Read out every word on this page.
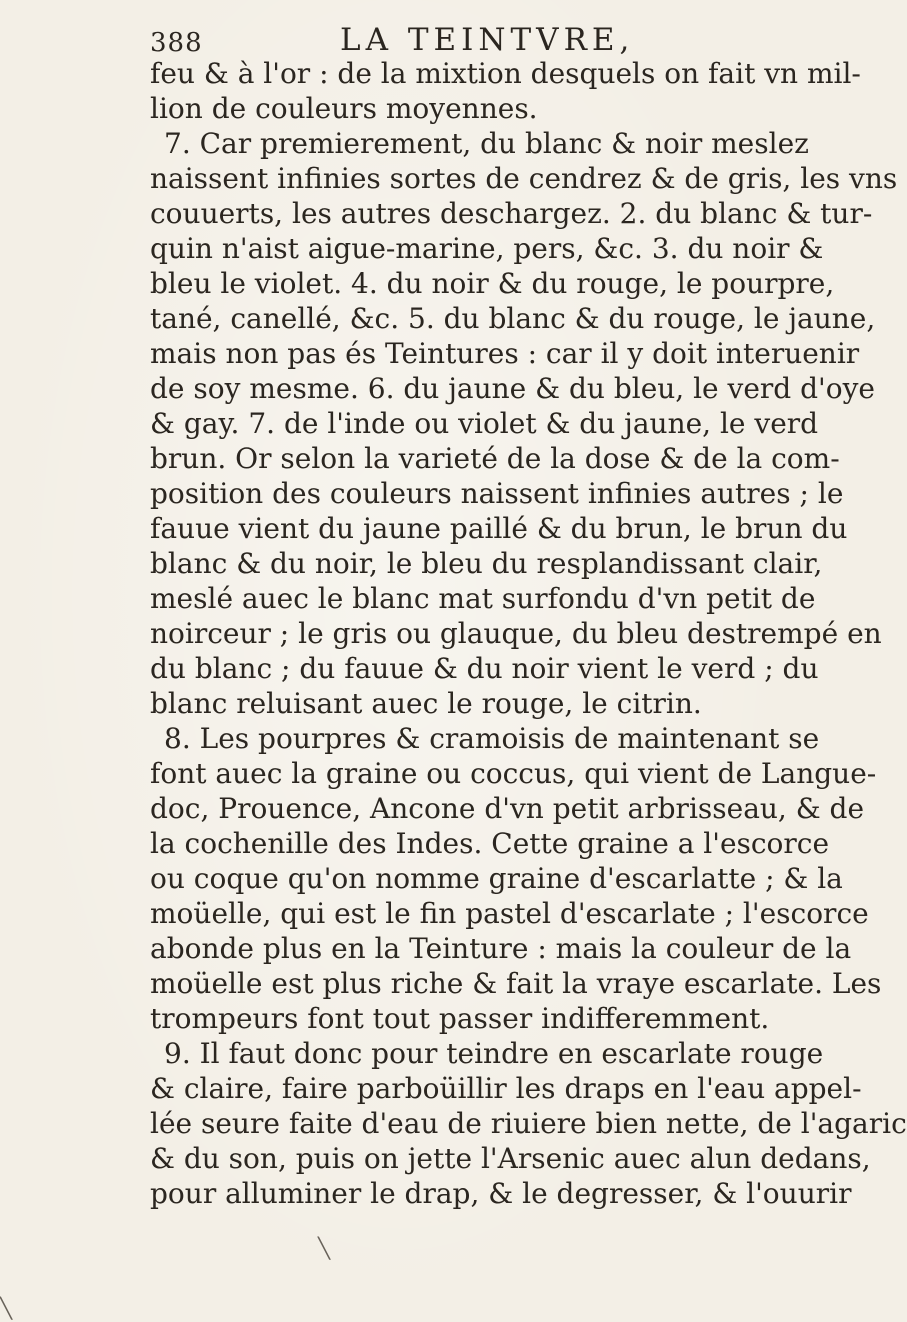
388	LA TEINTVRE,
feu & à l'or : de la mixtion desquels on fait vn mil-
lion de couleurs moyennes.
7. Car premierement, du blanc & noir meslez
naissent infinies sortes de cendrez & de gris, les vns
couuerts, les autres deschargez. 2. du blanc & tur-
quin n'aist aigue-marine, pers, &c. 3. du noir &
bleu le violet. 4. du noir & du rouge, le pourpre,
tané, canellé, &c. 5. du blanc & du rouge, le jaune,
mais non pas és Teintures : car il y doit interuenir
de soy mesme. 6. du jaune & du bleu, le verd d'oye
& gay. 7. de l'inde ou violet & du jaune, le verd
brun. Or selon la varieté de la dose & de la com-
position des couleurs naissent infinies autres ; le
fauue vient du jaune paillé & du brun, le brun du
blanc & du noir, le bleu du resplandissant clair,
meslé auec le blanc mat surfondu d'vn petit de
noirceur ; le gris ou glauque, du bleu destrempé en
du blanc ; du fauue & du noir vient le verd ; du
blanc reluisant auec le rouge, le citrin.
8. Les pourpres & cramoisis de maintenant se
font auec la graine ou coccus, qui vient de Langue-
doc, Prouence, Ancone d'vn petit arbrisseau, & de
la cochenille des Indes. Cette graine a l'escorce
ou coque qu'on nomme graine d'escarlatte ; & la
moüelle, qui est le fin pastel d'escarlate ; l'escorce
abonde plus en la Teinture : mais la couleur de la
moüelle est plus riche & fait la vraye escarlate. Les
trompeurs font tout passer indifferemment.
9. Il faut donc pour teindre en escarlate rouge
& claire, faire parboüillir les draps en l'eau appel-
lée seure faite d'eau de riuiere bien nette, de l'agaric
& du son, puis on jette l'Arsenic auec alun dedans,
pour alluminer le drap, & le degresser, & l'ouurir
╲
╲
